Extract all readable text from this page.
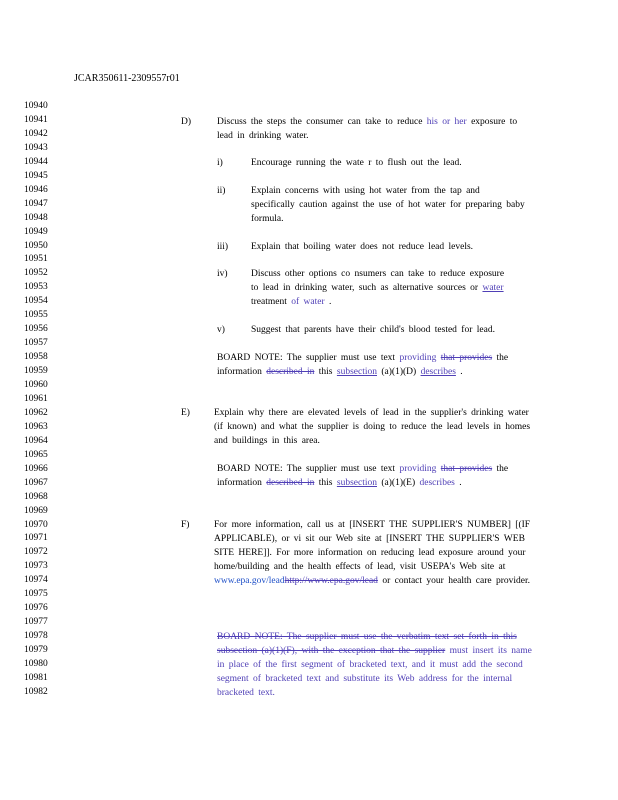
JCAR350611-2309557r01
10940
10941
10942
10943
10944
10945
10946
10947
10948
10949
10950
10951
10952
10953
10954
10955
10956
10957
10958
10959
10960
10961
10962
10963
10964
10965
10966
10967
10968
10969
10970
10971
10972
10973
10974
10975
10976
10977
10978
10979
10980
10981
10982
D)	Discuss the steps the consumer can take to reduce his or her exposure to lead in drinking water.
i)	Encourage running the wate r to flush out the lead.
ii)	Explain concerns with using hot water from the tap and specifically caution against the use of hot water for preparing baby formula.
iii) Explain that boiling water does not reduce lead levels.
iv) Discuss other options co nsumers can take to reduce exposure to lead in drinking water, such as alternative sources or water treatment of water .
v)	Suggest that parents have their child's blood tested for lead.
BOARD NOTE: The supplier must use text providing that provides the information described in this subsection (a)(1)(D) describes .
E)	Explain why there are elevated levels of lead in the supplier's drinking water (if known) and what the supplier is doing to reduce the lead levels in homes and buildings in this area.
BOARD NOTE: The supplier must use text providing that provides the information described in this subsection (a)(1)(E) describes .
F)	For more information, call us at [INSERT THE SUPPLIER'S NUMBER] [(IF APPLICABLE), or vi sit our Web site at [INSERT THE SUPPLIER'S WEB SITE HERE]]. For more information on reducing lead exposure around your home/building and the health effects of lead, visit USEPA's Web site at www.epa.gov/leadhttp://www.epa.gov/lead or contact your health care provider.
BOARD NOTE: The supplier must use the verbatim text set forth in this subsection (a)(1)(F), with the exception that the supplier must insert its name in place of the first segment of bracketed text, and it must add the second segment of bracketed text and substitute its Web address for the internal bracketed text.
